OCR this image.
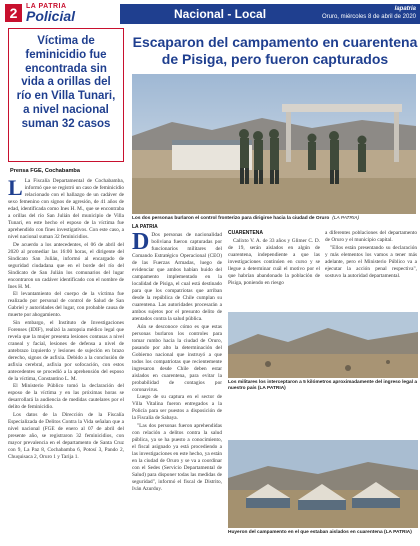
2	LA PATRIA
Policial	Nacional - Local	lapatria
Oruro, miércoles 8 de abril de 2020
Víctima de feminicidio fue encontrada sin vida a orillas del río en Villa Tunari, a nivel nacional suman 32 casos
Prensa FGE, Cochabamba

L La Fiscalía Departamental de Cochabamba, informó que se registró un caso de feminicidio relacionado con el hallazgo de un cadáver de sexo femenino con signos de agresión, de 41 años de edad, identificada como Ines H. M., que se encontraba a orillas del río San Julián del municipio de Villa Tunari, en este hecho el esposo de la víctima fue aprehendido con fines investigativos. Con este caso, a nivel nacional suman 32 feminicidios.

De acuerdo a los antecedentes, el 06 de abril del 2020 al promediar las 16:00 horas, el dirigente del Sindicato San Julián, informó al encargado de seguridad ciudadana que en el borde del río del Sindicato de San Julián los comunarios del lugar encontraron un cadáver identificado con el nombre de Ines H. M.

El levantamiento del cuerpo de la víctima fue realizado por personal de control de Salud de San Gabriel y autoridades del lugar, con probable causa de muerte por ahogamiento.

Sin embargo, el Instituto de Investigaciones Forenses (IDIF), realizó la autopsia médico legal que revela que la mujer presenta lesiones contusas a nivel craneal y facial, lesiones de defensa a nivel de antebrazo izquierdo y lesiones de sujeción en brazo derecho, signos de asfixia. Debido a la conclusión de asfixia cerebral, asfixia por sofocación, con estos antecedentes se procedió a la aprehensión del esposo de la víctima, Constantino L. M.

El Ministerio Público tomó la declaración del esposo de la víctima y en las próximas horas se desarrollará la audiencia de medidas cautelares por el delito de feminicidio.

Los datos de la Dirección de la Fiscalía Especializada de Delitos Contra la Vida señalan que a nivel nacional (FGE de enero al 07 de abril del presente año, se registraron 32 feminicidios, con mayor prevalencia en el departamento de Santa Cruz con 9, La Paz 8, Cochabamba 6, Potosí 3, Pando 2, Chuquisaca 2, Oruro 1 y Tarija 1.

Escaparon del campamento en cuarentena de Pisiga, pero fueron capturados
Los dos personas burlaron el control fronterizo para dirigirse hacia la ciudad de Oruro (LA PATRIA)

LA PATRIA

D Dos personas de nacionalidad boliviana fueron capturadas por funcionarios militares del Comando Estratégico Operacional (CEO) de las Fuerzas Armadas, luego de evidenciar que ambos habían huido del campamento implementado en la localidad de Pisiga, el cual está destinado para que los compatriotas que arriban desde la república de Chile cumplan su cuarentena. Las autoridades procesarán a ambos sujetos por el presunto delito de atentados contra la salud pública.

Aún se desconoce cómo es que estas personas burlaron los controles para tomar rumbo hacia la ciudad de Oruro, pasando por alto la determinación del Gobierno nacional que instruyó a que todos los compatriotas que recientemente ingresaron desde Chile deben estar aislados en cuarentena, para evitar la probabilidad de contagios por coronavirus.

Luego de su captura en el sector de Villa Vitalina fueron entregados a la Policía para ser puestos a disposición de la Fiscalía de Sabaya.

"Las dos personas fueron aprehendidas con relación a delitos contra la salud pública, ya se ha puesto a conocimiento, el fiscal asignado ya está procediendo a las investigaciones en este hecho, ya están en la ciudad de Oruro y se va a coordinar con el Sedes (Servicio Departamental de Salud) para disponer todas las medidas de seguridad", informó el fiscal de Distrito, Iván Azurduy.

CUARENTENA

Calixto V. A. de 33 años y Glimer C. D. de 19, serán aislados en algún de cuarentena, independiente a que las investigaciones continúen en curso y se llegue a determinar cuál el motivo por el que habrían abandonado la población de Pisiga, poniendo en riesgo

a diferentes poblaciones del departamento de Oruro y el municipio capital.

"Ellos están presentando su declaración y más elementos los vamos a tener más adelante, pero el Ministerio Público va a ejecutar la acción penal respectiva", sostuvo la autoridad departamental.

Los militares los interceptaron a 5 kilómetros aproximadamente del ingreso legal a nuestro país (LA PATRIA)
Huyeron del campamento en el que estaban aislados en cuarentena (LA PATRIA)
